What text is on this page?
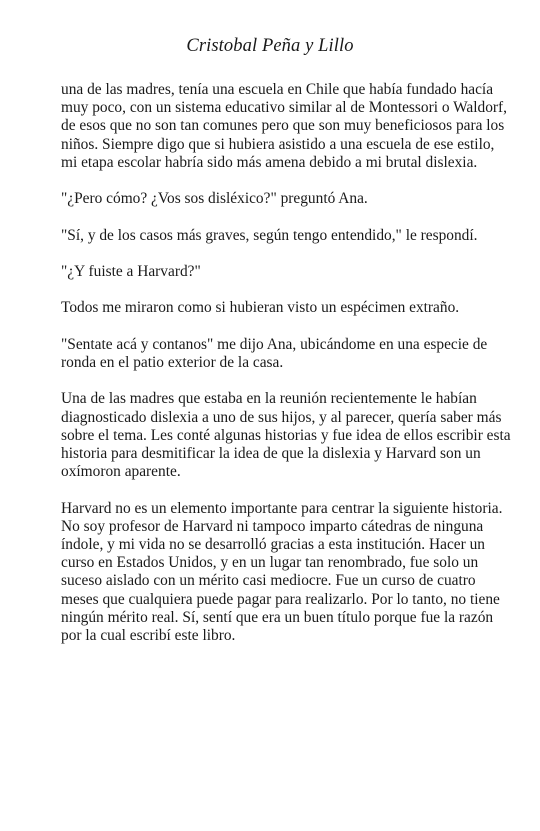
Cristobal Peña y Lillo

una de las madres, tenía una escuela en Chile que había fundado hacía muy poco, con un sistema educativo similar al de Montessori o Waldorf, de esos que no son tan comunes pero que son muy beneficiosos para los niños. Siempre digo que si hubiera asistido a una escuela de ese estilo, mi etapa escolar habría sido más amena debido a mi brutal dislexia.

"¿Pero cómo? ¿Vos sos disléxico?" preguntó Ana.

"Sí, y de los casos más graves, según tengo entendido," le respondí.

"¿Y fuiste a Harvard?"

Todos me miraron como si hubieran visto un espécimen extraño.

"Sentate acá y contanos" me dijo Ana, ubicándome en una especie de ronda en el patio exterior de la casa.

Una de las madres que estaba en la reunión recientemente le habían diagnosticado dislexia a uno de sus hijos, y al parecer, quería saber más sobre el tema. Les conté algunas historias y fue idea de ellos escribir esta historia para desmitificar la idea de que la dislexia y Harvard son un oxímoron aparente.

Harvard no es un elemento importante para centrar la siguiente historia. No soy profesor de Harvard ni tampoco imparto cátedras de ninguna índole, y mi vida no se desarrolló gracias a esta institución. Hacer un curso en Estados Unidos, y en un lugar tan renombrado, fue solo un suceso aislado con un mérito casi mediocre. Fue un curso de cuatro meses que cualquiera puede pagar para realizarlo. Por lo tanto, no tiene ningún mérito real. Sí, sentí que era un buen título porque fue la razón por la cual escribí este libro.
